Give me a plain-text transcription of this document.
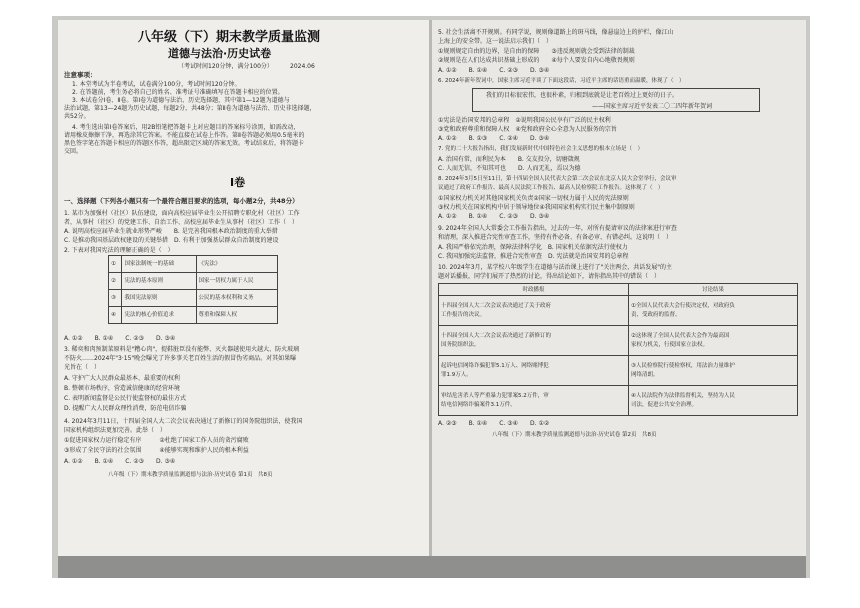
八年级（下）期末教学质量监测
道德与法治·历史试卷
（考试时间120分钟，满分100分）	2024.06
注意事项：
1. 本堂考试为半卷考试，试卷满分100分，考试时间120分钟。
2. 在答题前，考生务必将自己的姓名、准考证号准确填写在答题卡相应的位置。
3. 本试卷分Ⅰ卷、Ⅱ卷。第Ⅰ卷为道德与法治、历史选择题，其中第1—12题为道德与
法治试题，第13—24题为历史试题，每题2分，共48分；第Ⅱ卷为道德与法治、历史非选择题，
共52分。
4. 考生选出第Ⅰ卷答案后，用2B铅笔把答题卡上对应题目的答案标号涂黑，如需改动，
请用橡皮擦擦干净，再选涂其它答案。不能直接在试卷上作答。第Ⅱ卷答题必须用0.5毫米的
黑色签字笔在答题卡相应的答题区作答，超出限定区域的答案无效。考试结束后，将答题卡
交回。
Ⅰ卷
一、选择题（下列各小题只有一个最符合题目要求的选项，每小题2分，共48分）
1. 某市为加强村（社区）队伍建设，面向高校应届毕业生公开招聘专职化村（社区）工作
者，从事村（社区）的党建工作、自治工作、高校应届毕业生从事村（社区）工作（　）
A. 说明高校应届毕业生就业形势严峻　　B. 是完善我国根本政治制度的重大举措
C. 是推动我国基层政权建设的关键举措　D. 有利于加强基层群众自治制度的建设
2. 下表对我国宪法的理解正确的是（　）
①	国家法制统一的基础	《宪法》
②	宪法的基本原则	国家一切权力属于人民
③	我国宪法原则	公民的基本权利和义务
④	宪法的核心价值追求	尊重和保障人权
A. ①②　　B. ①④　　C. ②③　　D. ③④
3. 稀奕和肉预制菜原料是"糟心肉"，捉鞋脏臣没有能弊、灭火器越使用火越大、防火玻璃
不防火……2024年"3·15"晚会曝光了许多事关老百姓生活的假冒伪劣商品。对其如果曝
光旨在（　）
A. 守护广大人民群众最基本、最重要的权利
B. 整顿市场秩序，营造诚信健康的经营环境
C. 表明新闻监督是公民行使监督权的最佳方式
D. 提醒广大人民群众理性消费，防范电信诈骗
4. 2024年3月11日，十四届全国人大二次会议表决通过了新修订的国务院组织法，使我国
国家机构组织法更加完善。此举（　）
①促进国家权力运行稳定有序　　　②杜绝了国家工作人员的贪污腐败
③形成了全民守法的社会氛围　　　④能够实现和维护人民的根本利益
A. ①②　　B. ①④　　C. ②③　　D. ③④
八年级（下）期末教学质量监测道德与法治·历史试卷 第1页　共8页
5. 社会生活离不开规则。有同学说，规则像道路上的斑马线，像悬崖边上的护栏，像江山
上海上的安全带。这一说法启示我们（　）
①规则规定自由的边界，是自由的保障　　③违反规则就会受到法律的制裁
②规则是在人们达成共识基础上形成的　　④每个人要发自内心地敬畏规则
A. ①②　　B. ①④　　C. ②③　　D. ③④
6. 2024年新年贺词中，国家主席习近平谈了下面这段话，习近平主席的话语重而温暖，体现了（　）
我们的目标很宏伟，也很朴素，归根到底就是让老百姓过上更好的日子。
——国家主席习近平发表二〇二四年新年贺词
①宪法是治国安邦的总章程　②说明我国公民享有广泛的民主权利
③党和政府尊重和保障人权　④党和政府全心全意为人民服务的宗旨
A. ①②　　B. ①③　　C. ②④　　D. ③④
7. 党的二十大报告指出，我们发展新时代中国特色社会主义思想的根本立场是（　）
A. 治国有常，而利民为本　　B. 交友投分，切磨箴规
C. 人而无信，不知其可也　　D. 人而无礼，焉以为德
8. 2024年3月5日至11日，第十四届全国人民代表大会第二次会议在北京人民大会堂举行，会议审
议通过了政府工作报告、最高人民法院工作报告、最高人民检察院工作报告。这体现了（　）
①国家权力机关对其他国家机关负责②国家一切权力属于人民的宪法原则
③权力机关在国家机构中居于领导地位④我国国家机构实行民主集中制原则
A. ①②　　B. ①④　　C. ②③　　D. ③④
9. 2024年全国人大常委会工作报告指出，过去的一年，对所有提请审议的法律案进行审查
和清理，深入推进合宪性审查工作，坚持有件必备、有备必审、有错必纠。这说明（　）
A. 我国严格依宪治理，保障法律科学化　B. 国家机关依据宪法行使权力
C. 我国加强宪法监督，推进合宪性审查　D. 宪法就是治国安邦的总章程
10. 2024年3月，某学校八年级学生在道德与法治课上进行了"关注两会，共话发展"的主
题对话播报，同学们展开了热烈的讨论，得出结论如下，请你指出其中的错误（　）
时政播报	讨论结果
十四届全国人大二次会议表决通过了关于政府
工作报告的决议。	①全国人民代表大会行使决定权，对政府负
责，受政府的监督。
十四届全国人大二次会议表决通过了新修订的
国务院组织法。	②这体现了全国人民代表大会作为最高国
家权力机关，行使国家立法权。
起诉电信网络诈骗犯罪5.1万人、网络赌博犯
罪1.9万人。	③人民检察院行使检察权，用法治力量维护
网络清朗。
审结危害杀人等严重暴力犯罪案5.2万件，审
结电信网络诈骗案件3.1万件。	④人民法院作为法律监督机关，坚持为人民
司法，促进公共安全治理。
A. ②③　　B. ①④　　C. ③④　　D. ①②
八年级（下）期末教学质量监测道德与法治·历史试卷 第2页　共8页
